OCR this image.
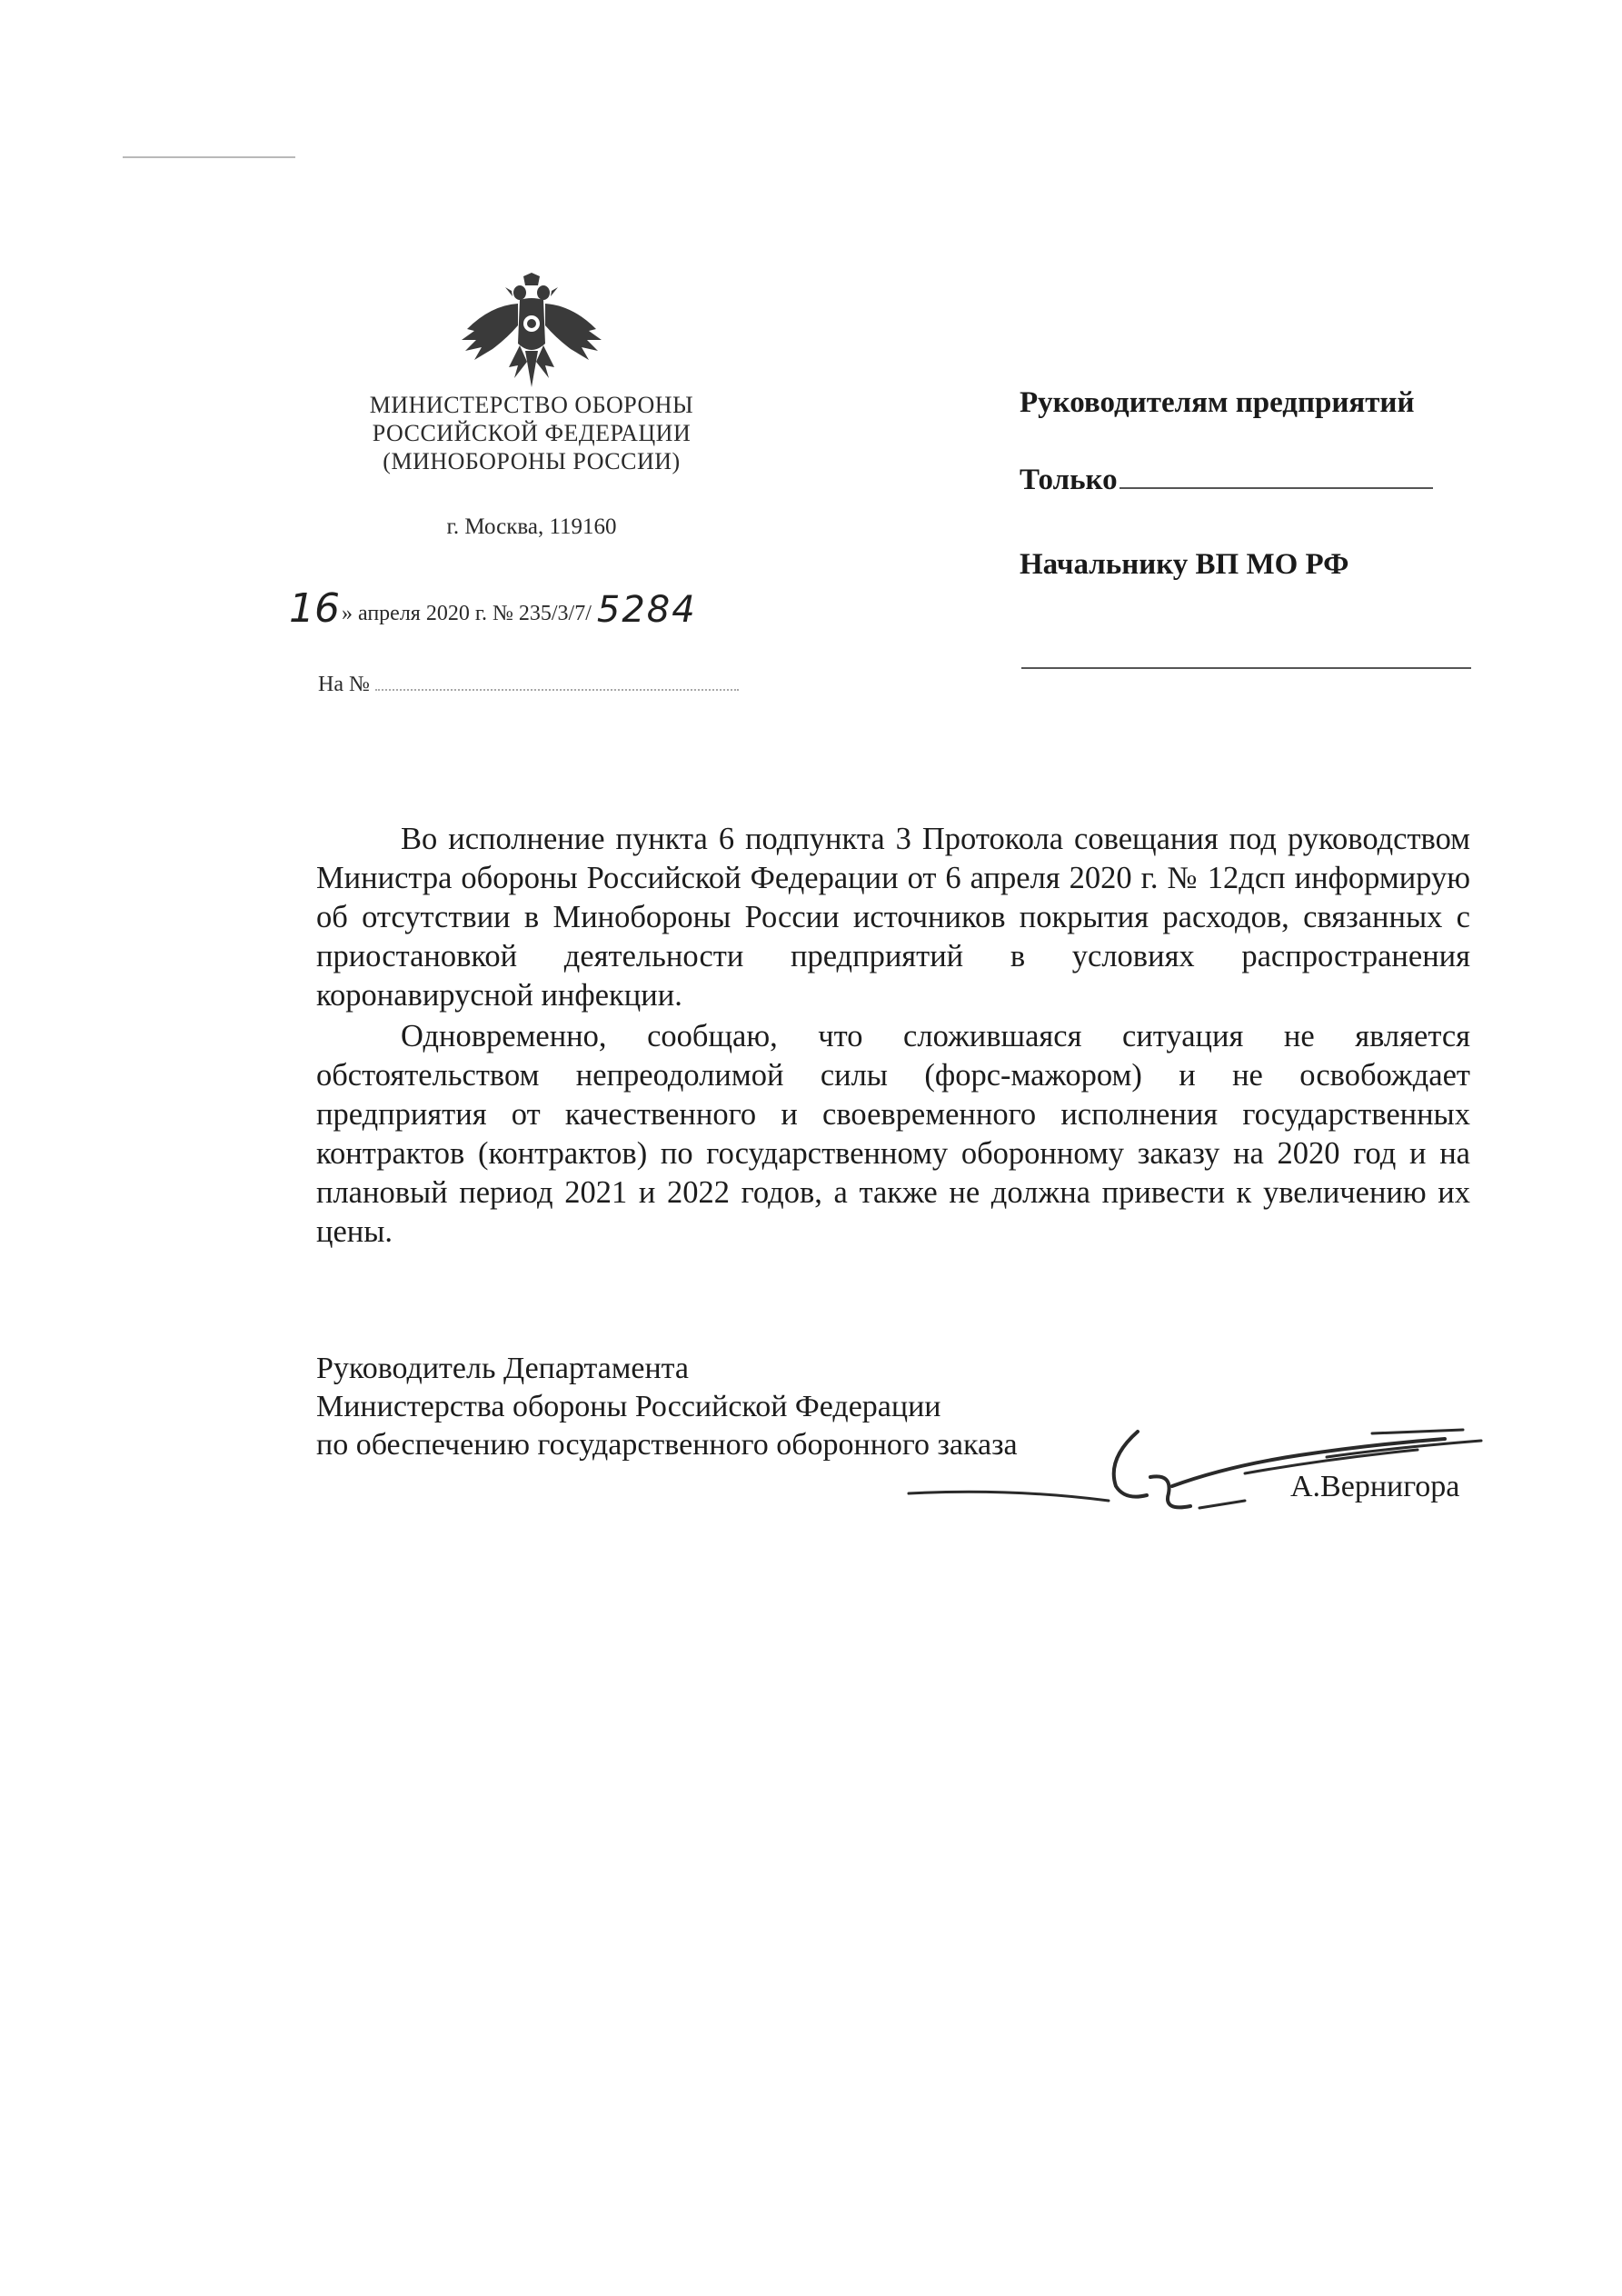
МИНИСТЕРСТВО ОБОРОНЫ
РОССИЙСКОЙ ФЕДЕРАЦИИ
(МИНОБОРОНЫ РОССИИ)
г. Москва, 119160
16» апреля 2020 г. № 235/3/7/ 5284
На №
Руководителям предприятий
Только
Начальнику ВП МО РФ

Во исполнение пункта 6 подпункта 3 Протокола совещания под руководством Министра обороны Российской Федерации от 6 апреля 2020 г. № 12дсп информирую об отсутствии в Минобороны России источников покрытия расходов, связанных с приостановкой деятельности предприятий в условиях распространения коронавирусной инфекции.

Одновременно, сообщаю, что сложившаяся ситуация не является обстоятельством непреодолимой силы (форс-мажором) и не освобождает предприятия от качественного и своевременного исполнения государственных контрактов (контрактов) по государственному оборонному заказу на 2020 год и на плановый период 2021 и 2022 годов, а также не должна привести к увеличению их цены.

Руководитель Департамента
Министерства обороны Российской Федерации
по обеспечению государственного оборонного заказа
А.Вернигора
